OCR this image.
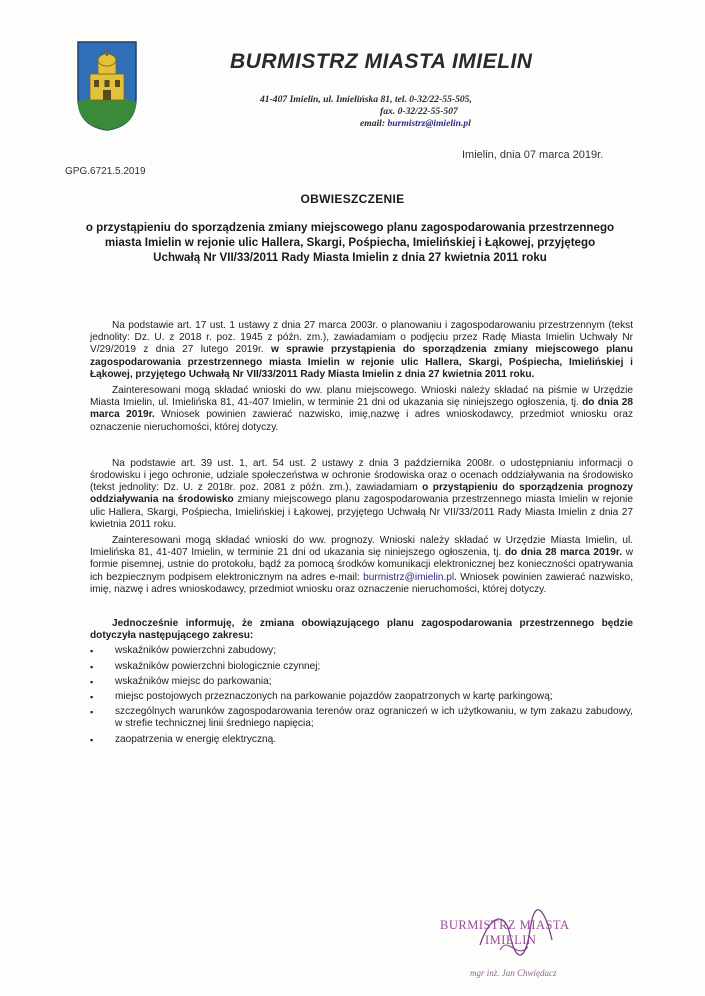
BURMISTRZ MIASTA IMIELIN
41-407 Imielin, ul. Imielińska 81, tel. 0-32/22-55-505,
fax. 0-32/22-55-507
email: burmistrz@imielin.pl
Imielin, dnia 07 marca 2019r.
GPG.6721.5.2019
OBWIESZCZENIE
o przystąpieniu do sporządzenia zmiany miejscowego planu zagospodarowania przestrzennego miasta Imielin w rejonie ulic Hallera, Skargi, Pośpiecha, Imielińskiej i Łąkowej, przyjętego Uchwałą Nr VII/33/2011 Rady Miasta Imielin z dnia 27 kwietnia 2011 roku

Na podstawie art. 17 ust. 1 ustawy z dnia 27 marca 2003r. o planowaniu i zagospodarowaniu przestrzennym (tekst jednolity: Dz. U. z 2018 r. poz. 1945 z późn. zm.), zawiadamiam o podjęciu przez Radę Miasta Imielin Uchwały Nr V/29/2019 z dnia 27 lutego 2019r. w sprawie przystąpienia do sporządzenia zmiany miejscowego planu zagospodarowania przestrzennego miasta Imielin w rejonie ulic Hallera, Skargi, Pośpiecha, Imielińskiej i Łąkowej, przyjętego Uchwałą Nr VII/33/2011 Rady Miasta Imielin z dnia 27 kwietnia 2011 roku.

Zainteresowani mogą składać wnioski do ww. planu miejscowego. Wnioski należy składać na piśmie w Urzędzie Miasta Imielin, ul. Imielińska 81, 41-407 Imielin, w terminie 21 dni od ukazania się niniejszego ogłoszenia, tj. do dnia 28 marca 2019r. Wniosek powinien zawierać nazwisko, imię,nazwę i adres wnioskodawcy, przedmiot wniosku oraz oznaczenie nieruchomości, której dotyczy.

Na podstawie art. 39 ust. 1, art. 54 ust. 2 ustawy z dnia 3 października 2008r. o udostępnianiu informacji o środowisku i jego ochronie, udziale społeczeństwa w ochronie środowiska oraz o ocenach oddziaływania na środowisko (tekst jednolity: Dz. U. z 2018r. poz. 2081 z późn. zm.), zawiadamiam o przystąpieniu do sporządzenia prognozy oddziaływania na środowisko zmiany miejscowego planu zagospodarowania przestrzennego miasta Imielin w rejonie ulic Hallera, Skargi, Pośpiecha, Imielińskiej i Łąkowej, przyjętego Uchwałą Nr VII/33/2011 Rady Miasta Imielin z dnia 27 kwietnia 2011 roku.

Zainteresowani mogą składać wnioski do ww. prognozy. Wnioski należy składać w Urzędzie Miasta Imielin, ul. Imielińska 81, 41-407 Imielin, w terminie 21 dni od ukazania się niniejszego ogłoszenia, tj. do dnia 28 marca 2019r. w formie pisemnej, ustnie do protokołu, bądź za pomocą środków komunikacji elektronicznej bez konieczności opatrywania ich bezpiecznym podpisem elektronicznym na adres e-mail: burmistrz@imielin.pl. Wniosek powinien zawierać nazwisko, imię, nazwę i adres wnioskodawcy, przedmiot wniosku oraz oznaczenie nieruchomości, której dotyczy.

Jednocześnie informuję, że zmiana obowiązującego planu zagospodarowania przestrzennego będzie dotyczyła następującego zakresu:

▪ wskaźników powierzchni zabudowy;
▪ wskaźników powierzchni biologicznie czynnej;
▪ wskaźników miejsc do parkowania;
▪ miejsc postojowych przeznaczonych na parkowanie pojazdów zaopatrzonych w kartę parkingową;
▪ szczególnych warunków zagospodarowania terenów oraz ograniczeń w ich użytkowaniu, w tym zakazu zabudowy, w strefie technicznej linii średniego napięcia;
▪ zaopatrzenia w energię elektryczną.
BURMISTRZ MIASTA
IMIELIN
mgr inż. Jan Chwiędacz
